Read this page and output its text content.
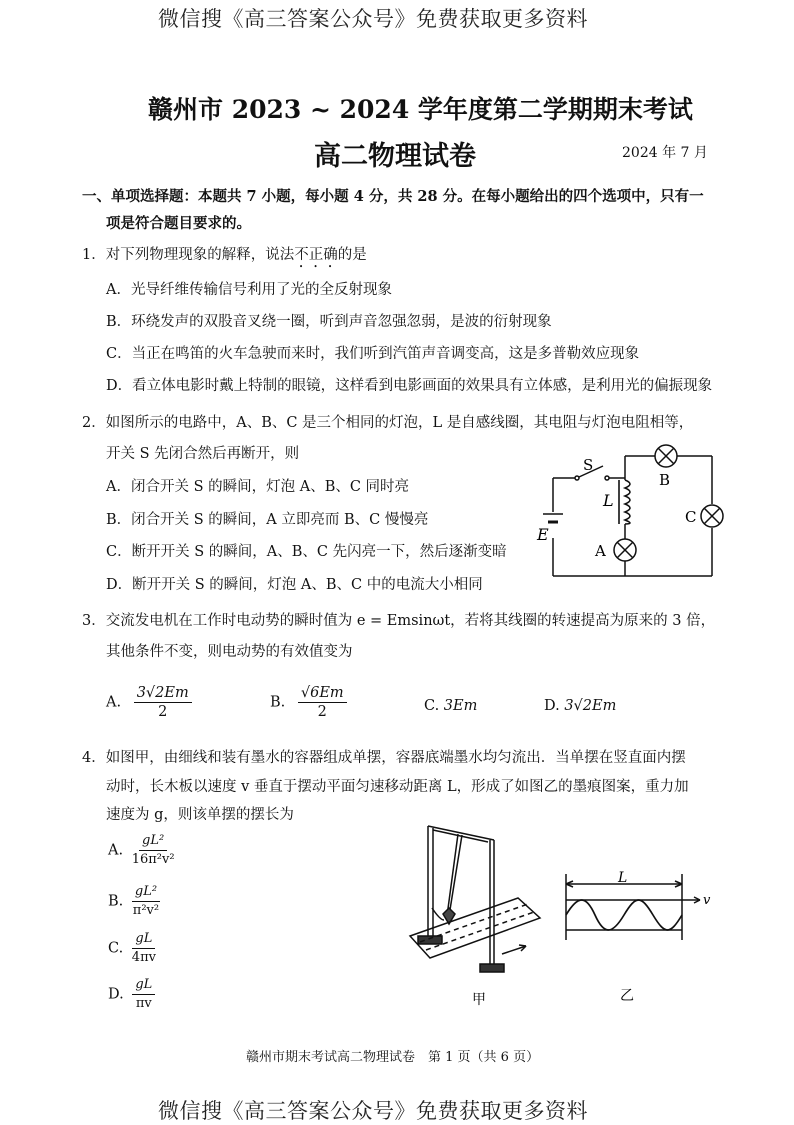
微信搜《高三答案公众号》免费获取更多资料
微信搜《高三答案公众号》免费获取更多资料
赣州市 2023 ~ 2024 学年度第二学期期末考试
高二物理试卷	2024 年 7 月
一、单项选择题：本题共 7 小题，每小题 4 分，共 28 分。在每小题给出的四个选项中，只有一
项是符合题目要求的。
1．对下列物理现象的解释，说法不正确的是
A．光导纤维传输信号利用了光的全反射现象
B．环绕发声的双股音叉绕一圈，听到声音忽强忽弱，是波的衍射现象
C．当正在鸣笛的火车急驶而来时，我们听到汽笛声音调变高，这是多普勒效应现象
D．看立体电影时戴上特制的眼镜，这样看到电影画面的效果具有立体感，是利用光的偏振现象
2．如图所示的电路中，A、B、C 是三个相同的灯泡，L 是自感线圈，其电阻与灯泡电阻相等，
开关 S 先闭合然后再断开，则
A．闭合开关 S 的瞬间，灯泡 A、B、C 同时亮
B．闭合开关 S 的瞬间，A 立即亮而 B、C 慢慢亮
C．断开开关 S 的瞬间，A、B、C 先闪亮一下，然后逐渐变暗
D．断开开关 S 的瞬间，灯泡 A、B、C 中的电流大小相同
S
L
E
A
B
C
3．交流发电机在工作时电动势的瞬时值为 e = Emsinωt，若将其线圈的转速提高为原来的 3 倍，
其他条件不变，则电动势的有效值变为
A. $\frac{3√2Em}{2}$	B. $\frac{√6Em}{2}$	C. 3Em	D. 3√2Em
4．如图甲，由细线和装有墨水的容器组成单摆，容器底端墨水均匀流出．当单摆在竖直面内摆
动时，长木板以速度 v 垂直于摆动平面匀速移动距离 L，形成了如图乙的墨痕图案，重力加
速度为 g，则该单摆的摆长为
A. $\frac{\text{gL²}}{\text{16π²v²}}$
B. $\frac{\text{gL²}}{\text{π²v²}}$
C. $\frac{gL}{4\pi v}$
D. $\frac{gL}{\pi v}$	甲
L
v
乙
赣州市期末考试高二物理试卷　第 1 页（共 6 页）
